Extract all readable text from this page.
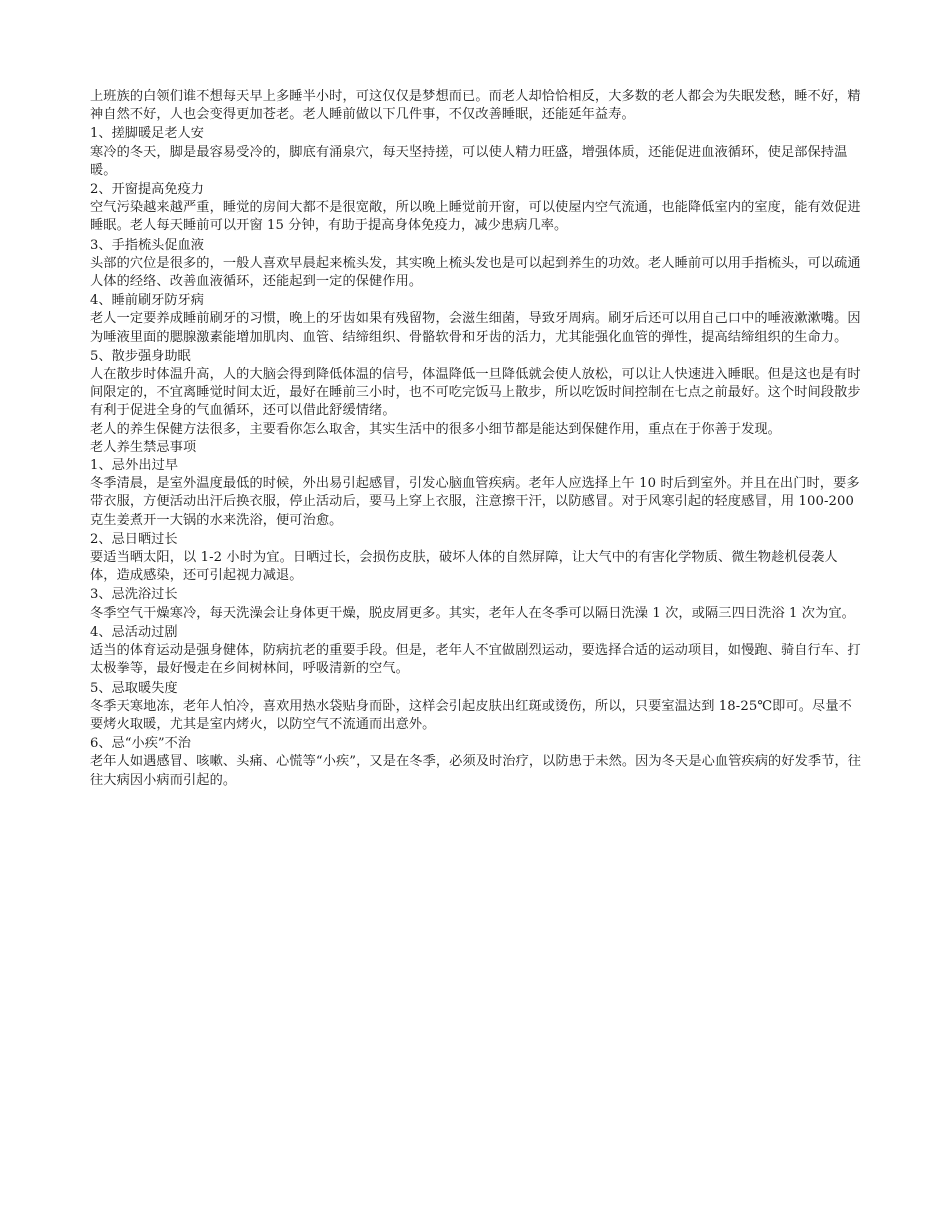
上班族的白领们谁不想每天早上多睡半小时，可这仅仅是梦想而已。而老人却恰恰相反，大多数的老人都会为失眠发愁，睡不好，精神自然不好，人也会变得更加苍老。老人睡前做以下几件事，不仅改善睡眠，还能延年益寿。

1、搓脚暖足老人安

寒冷的冬天，脚是最容易受冷的，脚底有涌泉穴，每天坚持搓，可以使人精力旺盛，增强体质，还能促进血液循环，使足部保持温暖。

2、开窗提高免疫力

空气污染越来越严重，睡觉的房间大都不是很宽敞，所以晚上睡觉前开窗，可以使屋内空气流通，也能降低室内的室度，能有效促进睡眠。老人每天睡前可以开窗 15 分钟，有助于提高身体免疫力，减少患病几率。

3、手指梳头促血液

头部的穴位是很多的，一般人喜欢早晨起来梳头发，其实晚上梳头发也是可以起到养生的功效。老人睡前可以用手指梳头，可以疏通人体的经络、改善血液循环，还能起到一定的保健作用。

4、睡前刷牙防牙病

老人一定要养成睡前刷牙的习惯，晚上的牙齿如果有残留物，会滋生细菌，导致牙周病。刷牙后还可以用自己口中的唾液漱漱嘴。因为唾液里面的腮腺激素能增加肌肉、血管、结缔组织、骨骼软骨和牙齿的活力，尤其能强化血管的弹性，提高结缔组织的生命力。

5、散步强身助眠

人在散步时体温升高，人的大脑会得到降低体温的信号，体温降低一旦降低就会使人放松，可以让人快速进入睡眠。但是这也是有时间限定的，不宜离睡觉时间太近，最好在睡前三小时，也不可吃完饭马上散步，所以吃饭时间控制在七点之前最好。这个时间段散步有利于促进全身的气血循环，还可以借此舒缓情绪。

老人的养生保健方法很多，主要看你怎么取舍，其实生活中的很多小细节都是能达到保健作用，重点在于你善于发现。

老人养生禁忌事项

1、忌外出过早

冬季清晨，是室外温度最低的时候，外出易引起感冒，引发心脑血管疾病。老年人应选择上午 10 时后到室外。并且在出门时，要多带衣服，方便活动出汗后换衣服，停止活动后，要马上穿上衣服，注意擦干汗，以防感冒。对于风寒引起的轻度感冒，用 100-200 克生姜煮开一大锅的水来洗浴，便可治愈。

2、忌日晒过长

要适当晒太阳，以 1-2 小时为宜。日晒过长，会损伤皮肤，破坏人体的自然屏障，让大气中的有害化学物质、微生物趁机侵袭人体，造成感染，还可引起视力减退。

3、忌洗浴过长

冬季空气干燥寒冷，每天洗澡会让身体更干燥，脱皮屑更多。其实，老年人在冬季可以隔日洗澡 1 次，或隔三四日洗浴 1 次为宜。

4、忌活动过剧

适当的体育运动是强身健体，防病抗老的重要手段。但是，老年人不宜做剧烈运动，要选择合适的运动项目，如慢跑、骑自行车、打太极拳等，最好慢走在乡间树林间，呼吸清新的空气。

5、忌取暖失度

冬季天寒地冻，老年人怕冷，喜欢用热水袋贴身而卧，这样会引起皮肤出红斑或烫伤，所以，只要室温达到 18-25℃即可。尽量不要烤火取暖，尤其是室内烤火，以防空气不流通而出意外。

6、忌“小疾”不治

老年人如遇感冒、咳嗽、头痛、心慌等“小疾”，又是在冬季，必须及时治疗，以防患于未然。因为冬天是心血管疾病的好发季节，往往大病因小病而引起的。
